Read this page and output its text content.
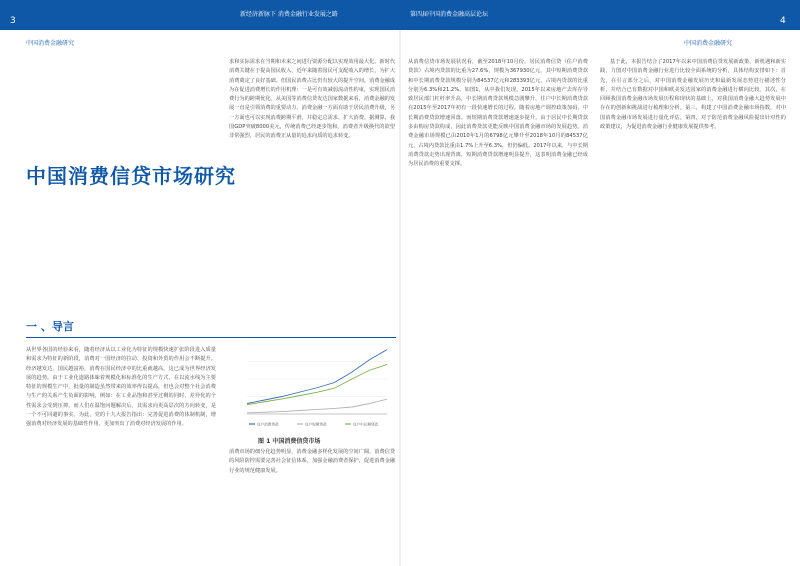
新经济新脉下 消费金融行业发展之路
3
中国消费金融研究
中国消费信贷市场研究
求和实际需求在当期和未来之间进行资源分配以实现效用最大化。新时代消费关键在于提高国民收入，近年来随着国民可支配收入的增长，为扩大消费奠定了良好基础。但国民消费占比仍有较大的提升空间。消费金融成为在促进消费增长的作用机理：一是可有效减弱流动性约束，实现国民消费行为的跨期优化。从美国等消费信贷发达国家数据来看，消费金融的发展一直是引领消费的重要动力。消费金融一方面有助于居民消费升级，另一方面也可以实现消费跨期平滑，并稳定总需求、扩大消费。据测算，我国GDP突破8000美元，传统消费已经逐步饱和，消费者升级换代的欲望非常强烈，居民的消费正从量的追求向质的追求转变。
一 、导言
从世界各国的经验来看，随着经济从以工业化为特征的规模快速扩张阶段进入质量和需求为特征的新阶段，消费对一国经济的拉动、投资和外贸的作用会不断提升。经济越发达，国民越富裕，消费在国民经济中的比重就越高，这已成为世界经济发展的趋势。由于工业化道路体味着规模化和标准化的生产方式，在以流水线为主要特征的规模生产中，批量的制造虽然带来的效率得以提高，但也会对整个社会消费与生产的关系产生负面的影响，例如：在工业品饱和甚至过剩的同时，差异化的个性需求会受到压抑，而人们在温饱问题解决后，其需求向更高层次的方向转变，是一个不可回避的事实。为此，党的十九大报告指出：完善促进消费的体制机制，增强消费对经济发展的基础性作用，更加突出了消费对经济发展的作用。	住户消费贷款	住户短期贷款	住户中长期贷款
图 1 中国消费信贷市场
消费市场的细分化趋势明显，消费金融多样化发展的空间广阔。消费信贷的风险防控需要完善社会征信体系，加强金融消费者保护，促进消费金融行业的规范健康发展。
第四届中国消费金融高层论坛
4
中国消费金融研究
从消费信贷市场发展状况看，截至2018年10月份，居民消费信贷（住户消费贷款）占境内贷款的比重为27.6%，规模为367930亿元，其中短期消费贷款和中长期消费贷款规模分别为84537亿元和283393亿元，占境内贷款的比重分别为6.3%和21.2%。如图1，从中我们发现，2015年以来房地产去库存导致居民部门杠杆率升高，中长期消费贷款规模急剧攀升，住户中长期消费贷款在2015年至2017年初有一段快速增长的过程，随着房地产调控政策加码，中长期消费贷款增速回落。而短期消费贷款增速逐步提升。由于居民中长期贷款多由购房贷款构成，因此消费贷款更能反映中国消费金融市场的发展趋势。消费金融市场规模已由2010年1月的6798亿元攀升至2018年10月的84537亿元，占境内贷款比重由1.7%上升至6.3%，但仍偏低。2017年以来，与中长期消费贷款走势出现背离，短期消费贷款增速明显提升，这表明消费金融已经成为居民消费的重要支撑。
基于此，本报告结合了2017年以来中国消费信贷发展新政策、新机遇和新实践，力图对中国消费金融行业进行比较全面系统的分析，具体结构安排如下：首先，在引言部分之后，对中国消费金融发展历史和最新发展态势进行描述性分析，并结合已有数据对中国和欧美发达国家的消费金融进行横向比较。其次，在回顾我国消费金融市场发展历程和现状的基础上，对我国消费金融大趋势发展中存在的创新和挑战进行梳理和分析。第三，构建了中国消费金融市场指数，对中国消费金融市场发展进行量化评估。第四，对于防范消费金融风险提出针对性的政策建议，为促进消费金融行业健康发展提供参考。
